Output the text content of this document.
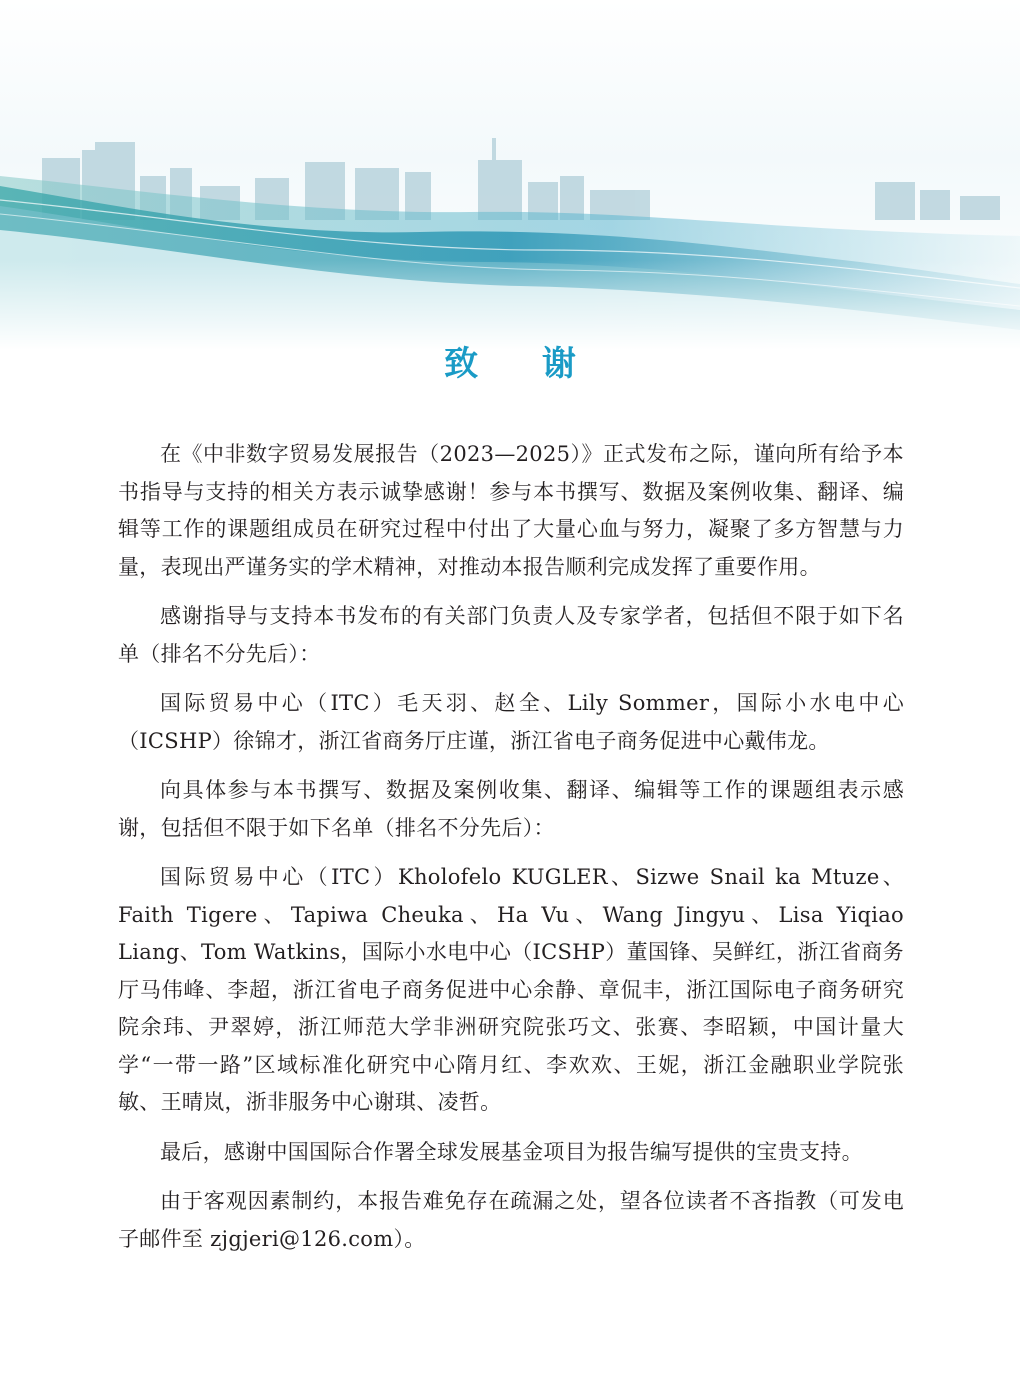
致 谢

在《中非数字贸易发展报告（2023—2025）》正式发布之际，谨向所有给予本书指导与支持的相关方表示诚挚感谢！参与本书撰写、数据及案例收集、翻译、编辑等工作的课题组成员在研究过程中付出了大量心血与努力，凝聚了多方智慧与力量，表现出严谨务实的学术精神，对推动本报告顺利完成发挥了重要作用。

感谢指导与支持本书发布的有关部门负责人及专家学者，包括但不限于如下名单（排名不分先后）：

国际贸易中心（ITC）毛天羽、赵全、Lily Sommer，国际小水电中心（ICSHP）徐锦才，浙江省商务厅庄谨，浙江省电子商务促进中心戴伟龙。

向具体参与本书撰写、数据及案例收集、翻译、编辑等工作的课题组表示感谢，包括但不限于如下名单（排名不分先后）：

国际贸易中心（ITC）Kholofelo KUGLER、Sizwe Snail ka Mtuze、Faith Tigere、Tapiwa Cheuka、Ha Vu、Wang Jingyu、Lisa Yiqiao Liang、Tom Watkins，国际小水电中心（ICSHP）董国锋、吴鲜红，浙江省商务厅马伟峰、李超，浙江省电子商务促进中心余静、章侃丰，浙江国际电子商务研究院余玮、尹翠婷，浙江师范大学非洲研究院张巧文、张赛、李昭颖，中国计量大学“一带一路”区域标准化研究中心隋月红、李欢欢、王妮，浙江金融职业学院张敏、王晴岚，浙非服务中心谢琪、凌哲。

最后，感谢中国国际合作署全球发展基金项目为报告编写提供的宝贵支持。

由于客观因素制约，本报告难免存在疏漏之处，望各位读者不吝指教（可发电子邮件至 zjgjeri@126.com）。
